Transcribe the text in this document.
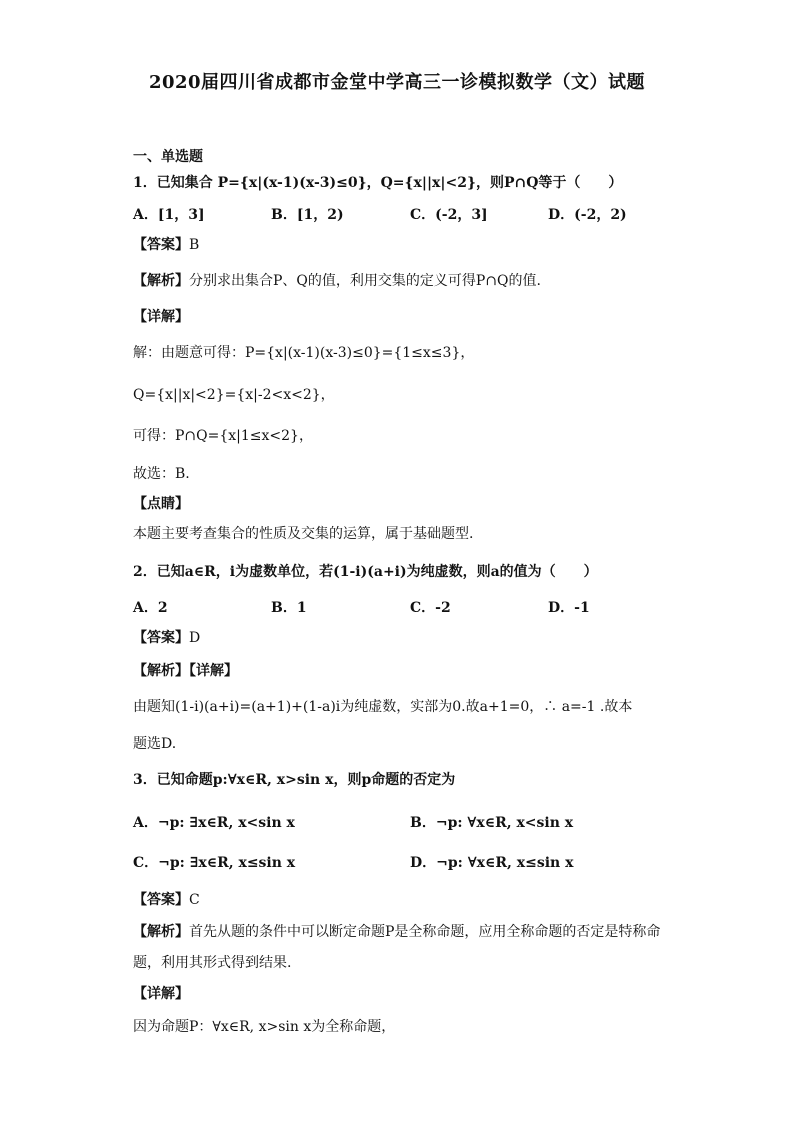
2020届四川省成都市金堂中学高三一诊模拟数学（文）试题
一、单选题
1．已知集合 P={x|(x-1)(x-3)≤0}，Q={x||x|<2}，则P∩Q等于（　　）
A．[1，3]	B．[1，2)	C．(-2，3]	D．(-2，2)
【答案】B
【解析】分别求出集合P、Q的值，利用交集的定义可得P∩Q的值.
【详解】
解：由题意可得：P={x|(x-1)(x-3)≤0}={1≤x≤3}，
Q={x||x|<2}={x|-2<x<2}，
可得：P∩Q={x|1≤x<2}，
故选：B.
【点睛】
本题主要考查集合的性质及交集的运算，属于基础题型.
2．已知a∈R，i为虚数单位，若(1-i)(a+i)为纯虚数，则a的值为（　　）
A．2	B．1	C．-2	D．-1
【答案】D
【解析】【详解】
由题知(1-i)(a+i)=(a+1)+(1-a)i为纯虚数，实部为0.故a+1=0，∴ a=-1 .故本
题选D.
3．已知命题p:∀x∈R, x>sin x，则p命题的否定为
A．¬p: ∃x∈R, x<sin x	B．¬p: ∀x∈R, x<sin x
C．¬p: ∃x∈R, x≤sin x	D．¬p: ∀x∈R, x≤sin x
【答案】C
【解析】首先从题的条件中可以断定命题P是全称命题，应用全称命题的否定是特称命
题，利用其形式得到结果.
【详解】
因为命题P：∀x∈R, x>sin x为全称命题，
